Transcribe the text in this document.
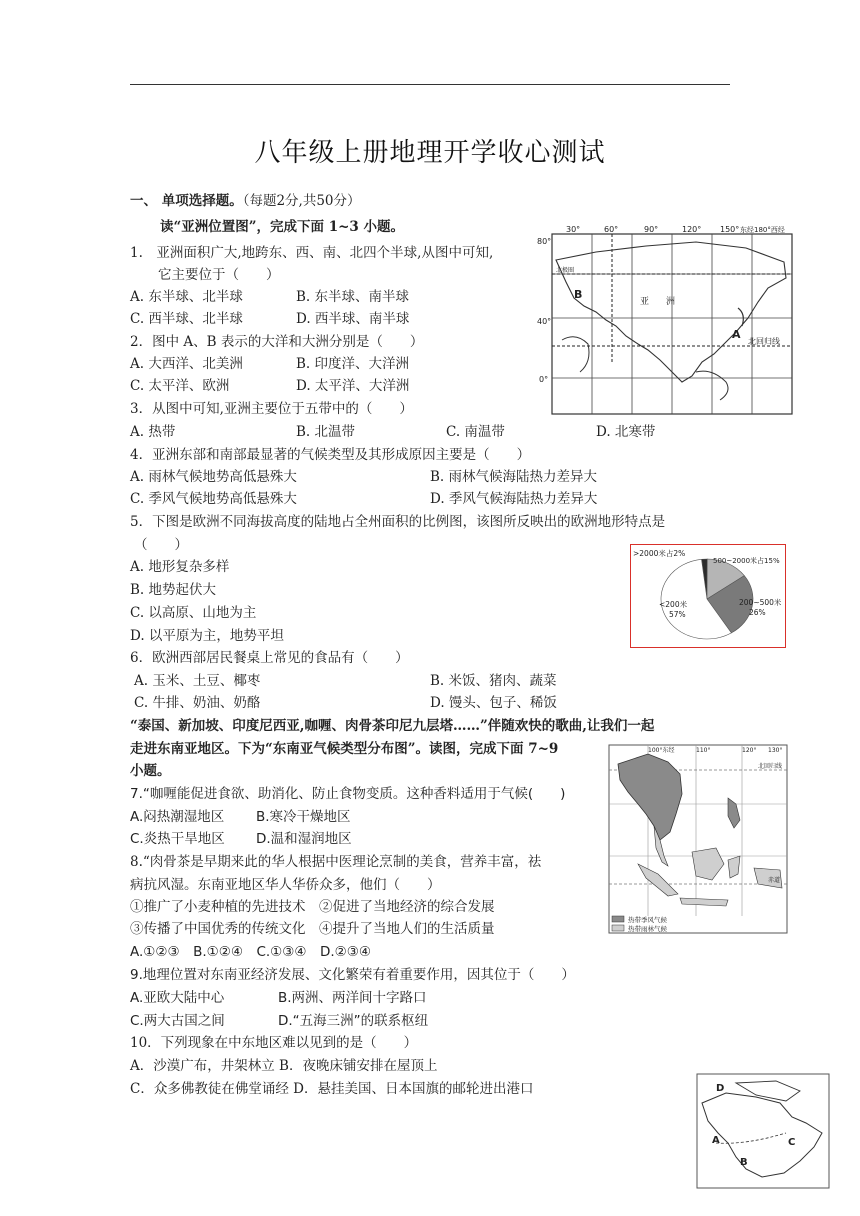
八年级上册地理开学收心测试
一、 单项选择题。（每题2分,共50分）
读“亚洲位置图”，完成下面 1~3 小题。
1.　亚洲面积广大,地跨东、西、南、北四个半球,从图中可知,
它主要位于（　　）
A. 东半球、北半球	B. 东半球、南半球
C. 西半球、北半球	D. 西半球、南半球
2．图中 A、B 表示的大洋和大洲分别是（　　）
A. 大西洋、北美洲	B. 印度洋、大洋洲
C. 太平洋、欧洲	D. 太平洋、大洋洲
3．从图中可知,亚洲主要位于五带中的（　　）
A. 热带	B. 北温带	C. 南温带	D. 北寒带
4．亚洲东部和南部最显著的气候类型及其形成原因主要是（　　）
A. 雨林气候地势高低悬殊大	B. 雨林气候海陆热力差异大
C. 季风气候地势高低悬殊大	D. 季风气候海陆热力差异大
5．下图是欧洲不同海拔高度的陆地占全州面积的比例图，该图所反映出的欧洲地形特点是
（　　）
A. 地形复杂多样
B. 地势起伏大
C. 以高原、山地为主
D. 以平原为主，地势平坦
6．欧洲西部居民餐桌上常见的食品有（　　）
A. 玉米、土豆、椰枣	B. 米饭、猪肉、蔬菜
C. 牛排、奶油、奶酪	D. 馒头、包子、稀饭
“泰国、新加坡、印度尼西亚,咖喱、肉骨茶印尼九层塔……”伴随欢快的歌曲,让我们一起
走进东南亚地区。下为“东南亚气候类型分布图”。读图，完成下面 7~9
小题。
7.“咖喱能促进食欲、助消化、防止食物变质。这种香料适用于气候(　　)
A.闷热潮湿地区 B.寒冷干燥地区
C.炎热干旱地区 D.温和湿润地区
8.“肉骨茶是早期来此的华人根据中医理论烹制的美食，营养丰富，祛
病抗风湿。东南亚地区华人华侨众多，他们（　　）
①推广了小麦种植的先进技术　②促进了当地经济的综合发展
③传播了中国优秀的传统文化　④提升了当地人们的生活质量
A.①②③　B.①②④　C.①③④　D.②③④
9.地理位置对东南亚经济发展、文化繁荣有着重要作用，因其位于（　　）
A.亚欧大陆中心	B.两洲、两洋间十字路口
C.两大古国之间	D.“五海三洲”的联系枢纽
10．下列现象在中东地区难以见到的是（　　）
A．沙漠广布，井架林立 B．夜晚床铺安排在屋顶上
C．众多佛教徒在佛堂诵经 D．悬挂美国、日本国旗的邮轮进出港口
30°	60°	90°	120° 150° 东经180°西经
80°
40°
0°
北极圈
B
亚 洲
A
北回归线
>2000米占2%
500~2000米占15%
200~500米
26%
<200米
57%
100°东经	110°	120° 130°
北回归线
赤道
热带季风气候
热带雨林气候
D
A
B
C
